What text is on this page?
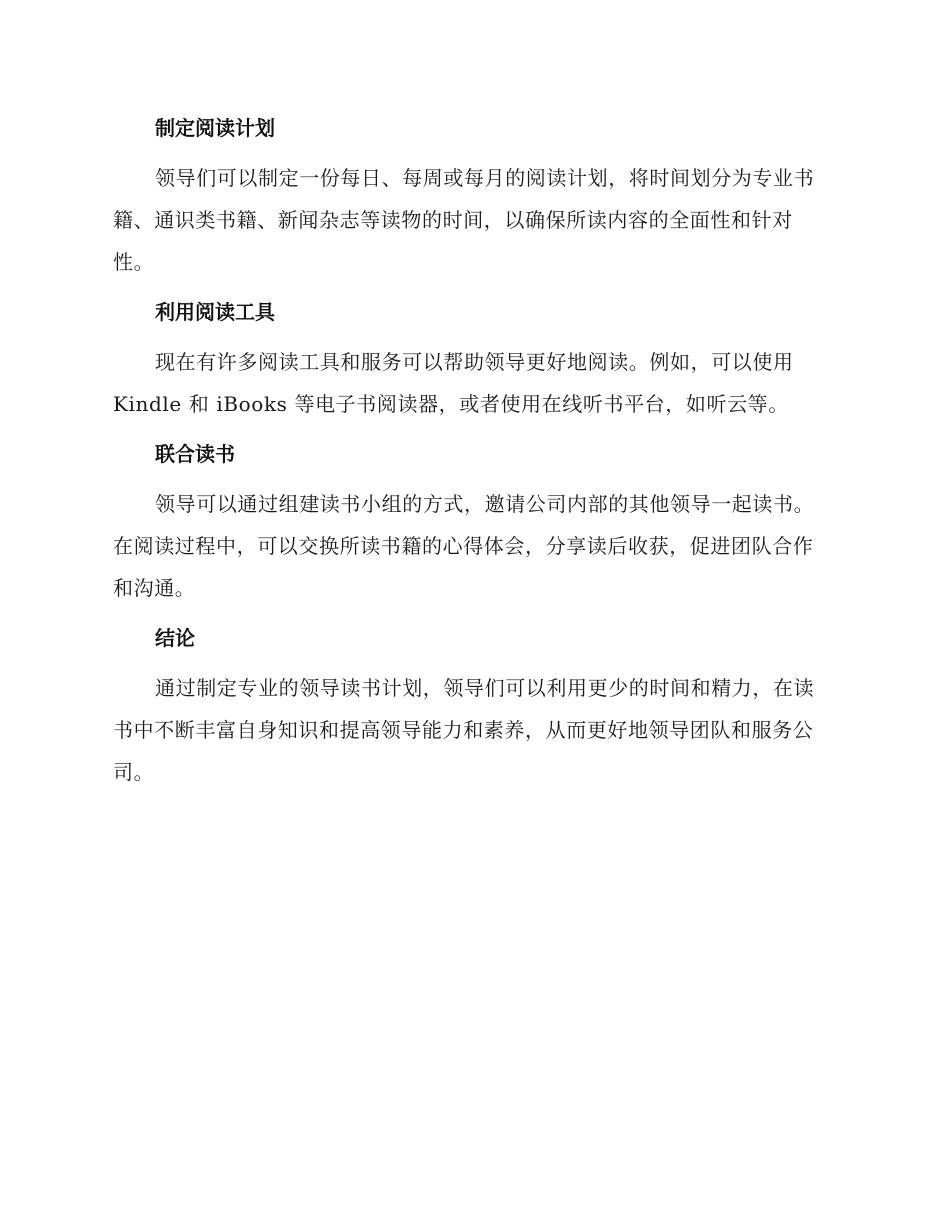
制定阅读计划

领导们可以制定一份每日、每周或每月的阅读计划，将时间划分为专业书籍、通识类书籍、新闻杂志等读物的时间，以确保所读内容的全面性和针对性。

利用阅读工具

现在有许多阅读工具和服务可以帮助领导更好地阅读。例如，可以使用 Kindle 和 iBooks 等电子书阅读器，或者使用在线听书平台，如听云等。

联合读书

领导可以通过组建读书小组的方式，邀请公司内部的其他领导一起读书。在阅读过程中，可以交换所读书籍的心得体会，分享读后收获，促进团队合作和沟通。

结论

通过制定专业的领导读书计划，领导们可以利用更少的时间和精力，在读书中不断丰富自身知识和提高领导能力和素养，从而更好地领导团队和服务公司。
